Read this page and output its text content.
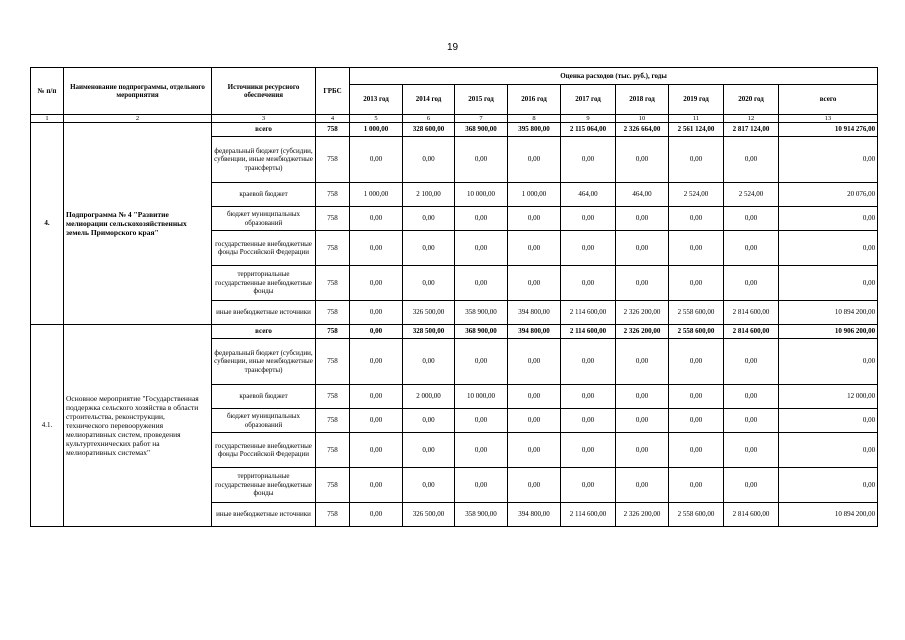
19
№ п/п	Наименование подпрограммы, отдельного мероприятия	Источники ресурсного обеспечения	ГРБС	Оценка расходов (тыс. руб.), годы								
				2013 год	2014 год	2015 год	2016 год	2017 год	2018 год	2019 год	2020 год	всего
1	2	3	4	5	6	7	8	9	10	11	12	13
4.	Подпрограмма № 4 "Развитие мелиорации сельскохозяйственных земель Приморского края"	всего	758	1 000,00	328 600,00	368 900,00	395 800,00	2 115 064,00	2 326 664,00	2 561 124,00	2 817 124,00	10 914 276,00
		федеральный бюджет (субсидии, субвенции, иные межбюджетные трансферты)	758	0,00	0,00	0,00	0,00	0,00	0,00	0,00	0,00	0,00
		краевой бюджет	758	1 000,00	2 100,00	10 000,00	1 000,00	464,00	464,00	2 524,00	2 524,00	20 076,00
		бюджет муниципальных образований	758	0,00	0,00	0,00	0,00	0,00	0,00	0,00	0,00	0,00
		государственные внебюджетные фонды Российской Федерации	758	0,00	0,00	0,00	0,00	0,00	0,00	0,00	0,00	0,00
		территориальные государственные внебюджетные фонды	758	0,00	0,00	0,00	0,00	0,00	0,00	0,00	0,00	0,00
		иные внебюджетные источники	758	0,00	326 500,00	358 900,00	394 800,00	2 114 600,00	2 326 200,00	2 558 600,00	2 814 600,00	10 894 200,00
4.1.	Основное мероприятие "Государственная поддержка сельского хозяйства в области строительства, реконструкции, технического перевооружения мелиоративных систем, проведения культуртехнических работ на мелиоративных системах"	всего	758	0,00	328 500,00	368 900,00	394 800,00	2 114 600,00	2 326 200,00	2 558 600,00	2 814 600,00	10 906 200,00
		федеральный бюджет (субсидии, субвенции, иные межбюджетные трансферты)	758	0,00	0,00	0,00	0,00	0,00	0,00	0,00	0,00	0,00
		краевой бюджет	758	0,00	2 000,00	10 000,00	0,00	0,00	0,00	0,00	0,00	12 000,00
		бюджет муниципальных образований	758	0,00	0,00	0,00	0,00	0,00	0,00	0,00	0,00	0,00
		государственные внебюджетные фонды Российской Федерации	758	0,00	0,00	0,00	0,00	0,00	0,00	0,00	0,00	0,00
		территориальные государственные внебюджетные фонды	758	0,00	0,00	0,00	0,00	0,00	0,00	0,00	0,00	0,00
		иные внебюджетные источники	758	0,00	326 500,00	358 900,00	394 800,00	2 114 600,00	2 326 200,00	2 558 600,00	2 814 600,00	10 894 200,00
